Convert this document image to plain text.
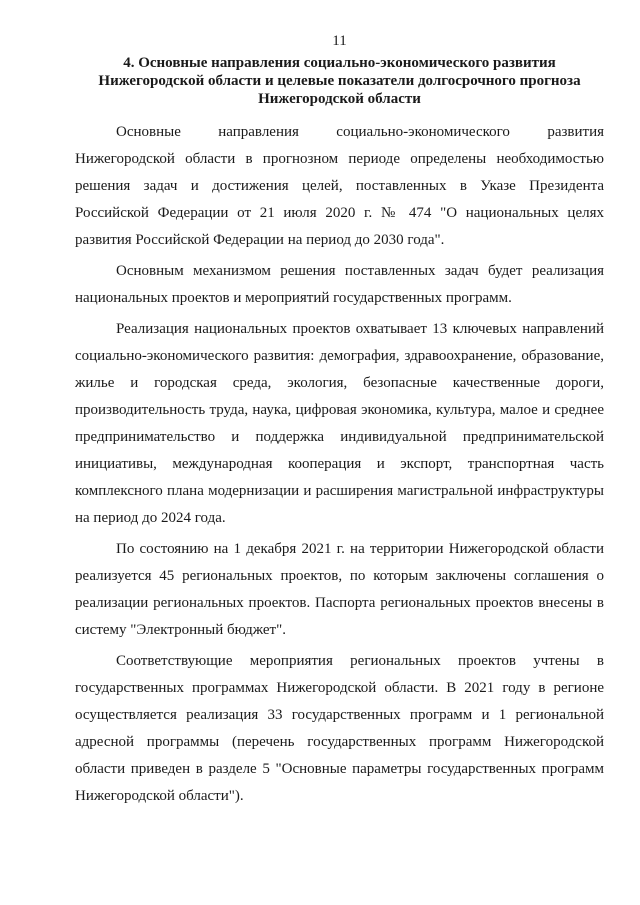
11
4. Основные направления социально-экономического развития
Нижегородской области и целевые показатели долгосрочного прогноза
Нижегородской области

Основные направления социально-экономического развития Нижегородской области в прогнозном периоде определены необходимостью решения задач и достижения целей, поставленных в Указе Президента Российской Федерации от 21 июля 2020 г. № 474 "О национальных целях развития Российской Федерации на период до 2030 года".

Основным механизмом решения поставленных задач будет реализация национальных проектов и мероприятий государственных программ.

Реализация национальных проектов охватывает 13 ключевых направлений социально-экономического развития: демография, здравоохранение, образование, жилье и городская среда, экология, безопасные качественные дороги, производительность труда, наука, цифровая экономика, культура, малое и среднее предпринимательство и поддержка индивидуальной предпринимательской инициативы, международная кооперация и экспорт, транспортная часть комплексного плана модернизации и расширения магистральной инфраструктуры на период до 2024 года.

По состоянию на 1 декабря 2021 г. на территории Нижегородской области реализуется 45 региональных проектов, по которым заключены соглашения о реализации региональных проектов. Паспорта региональных проектов внесены в систему "Электронный бюджет".

Соответствующие мероприятия региональных проектов учтены в государственных программах Нижегородской области. В 2021 году в регионе осуществляется реализация 33 государственных программ и 1 региональной адресной программы (перечень государственных программ Нижегородской области приведен в разделе 5 "Основные параметры государственных программ Нижегородской области").
